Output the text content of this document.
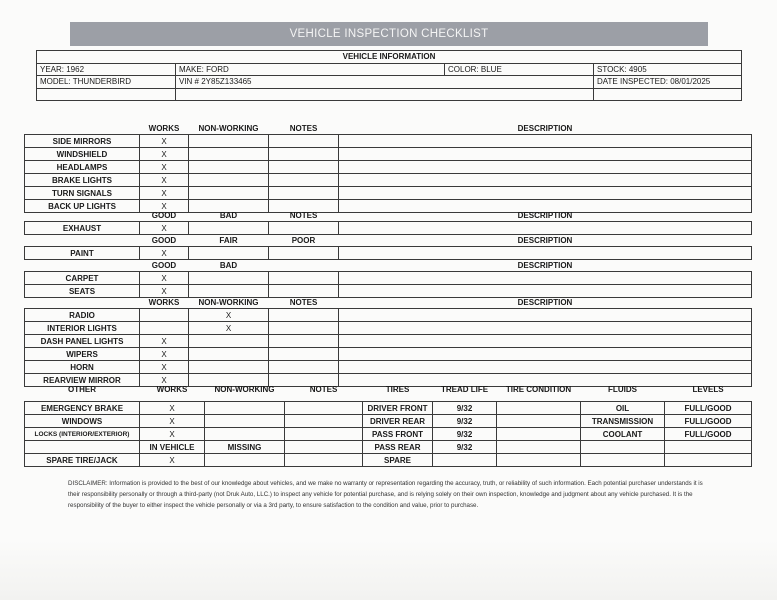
VEHICLE INSPECTION CHECKLIST
VEHICLE INFORMATION			
YEAR: 1962	MAKE: FORD	COLOR: BLUE	STOCK: 4905
MODEL: THUNDERBIRD	VIN # 2Y85Z133465		DATE INSPECTED: 08/01/2025

	WORKS	NON-WORKING	NOTES	DESCRIPTION
SIDE MIRRORS	X			
WINDSHIELD	X			
HEADLAMPS	X			
BRAKE LIGHTS	X			
TURN SIGNALS	X			
BACK UP LIGHTS	X			
	GOOD	BAD	NOTES	DESCRIPTION
EXHAUST	X			
	GOOD	FAIR	POOR	DESCRIPTION
PAINT	X			
	GOOD	BAD		DESCRIPTION
CARPET	X			
SEATS	X			
	WORKS	NON-WORKING	NOTES	DESCRIPTION
RADIO		X		
INTERIOR LIGHTS		X		
DASH PANEL LIGHTS	X			
WIPERS	X			
HORN	X			
REARVIEW MIRROR	X			
OTHER	WORKS	NON-WORKING	NOTES	TIRES	TREAD LIFE	TIRE CONDITION	FLUIDS	LEVELS

EMERGENCY BRAKE	X			DRIVER FRONT	9/32		OIL	FULL/GOOD
WINDOWS	X			DRIVER REAR	9/32		TRANSMISSION	FULL/GOOD
LOCKS (INTERIOR/EXTERIOR)	X			PASS FRONT	9/32		COOLANT	FULL/GOOD
	IN VEHICLE	MISSING		PASS REAR	9/32			
SPARE TIRE/JACK	X			SPARE				
DISCLAIMER: Information is provided to the best of our knowledge about vehicles, and we make no warranty or representation regarding the accuracy, truth, or reliability of such information. Each potential purchaser understands it is their responsibility personally or through a third-party (not Druk Auto, LLC.) to inspect any vehicle for potential purchase, and is relying solely on their own inspection, knowledge and judgment about any vehicle purchased. It is the responsibility of the buyer to either inspect the vehicle personally or via a 3rd party, to ensure satisfaction to the condition and value, prior to purchase.
